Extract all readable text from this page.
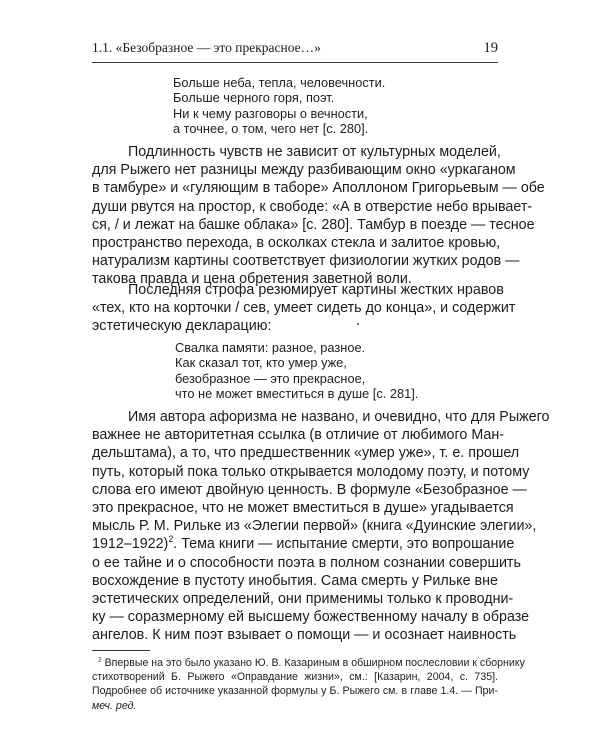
1.1. «Безобразное — это прекрасное…»	19
Больше неба, тепла, человечности.
Больше черного горя, поэт.
Ни к чему разговоры о вечности,
а точнее, о том, чего нет [с. 280].
Подлинность чувств не зависит от культурных моделей,
для Рыжего нет разницы между разбивающим окно «уркаганом
в тамбуре» и «гуляющим в таборе» Аполлоном Григорьевым — обе
души рвутся на простор, к свободе: «А в отверстие небо врывает-
ся, / и лежат на башке облака» [с. 280]. Тамбур в поезде — тесное
пространство перехода, в осколках стекла и залитое кровью,
натурализм картины соответствует физиологии жутких родов —
такова правда и цена обретения заветной воли.
Последняя строфа резюмирует картины жестких нравов
«тех, кто на корточки / сев, умеет сидеть до конца», и содержит
эстетическую декларацию:
Свалка памяти: разное, разное.
Как сказал тот, кто умер уже,
безобразное — это прекрасное,
что не может вместиться в душе [с. 281].
Имя автора афоризма не названо, и очевидно, что для Рыжего
важнее не авторитетная ссылка (в отличие от любимого Ман-
дельштама), а то, что предшественник «умер уже», т. е. прошел
путь, который пока только открывается молодому поэту, и потому
слова его имеют двойную ценность. В формуле «Безобразное —
это прекрасное, что не может вместиться в душе» угадывается
мысль Р. М. Рильке из «Элегии первой» (книга «Дуинские элегии»,
1912–1922)$^2$. Тема книги — испытание смерти, это вопрошание
о ее тайне и о способности поэта в полном сознании совершить
восхождение в пустоту инобытия. Сама смерть у Рильке вне
эстетических определений, они применимы только к проводни-
ку — соразмерному ей высшему божественному началу в образе
ангелов. К ним поэт взывает о помощи — и осознает наивность
$^2$ Впервые на это было указано Ю. В. Казариным в обширном послесловии к сборнику
стихотворений Б. Рыжего «Оправдание жизни», см.: [Казарин, 2004, с. 735].
Подробнее об источнике указанной формулы у Б. Рыжего см. в главе 1.4. — При-
меч. ред.
